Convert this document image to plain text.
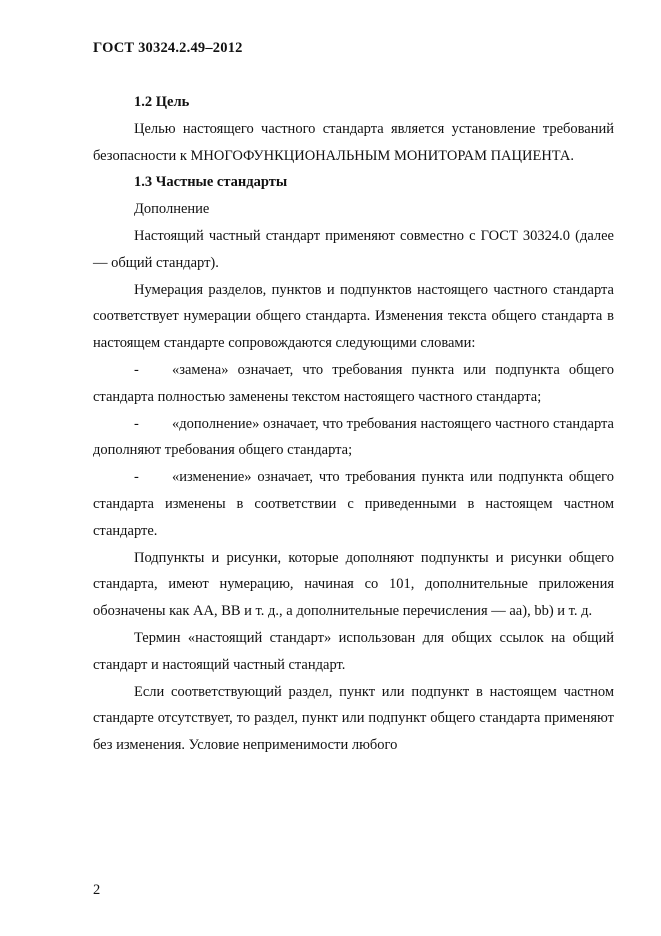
ГОСТ 30324.2.49–2012

1.2 Цель

Целью настоящего частного стандарта является установление требований безопасности к МНОГОФУНКЦИОНАЛЬНЫМ МОНИТОРАМ ПАЦИЕНТА.

1.3 Частные стандарты

Дополнение

Настоящий частный стандарт применяют совместно с ГОСТ 30324.0 (далее — общий стандарт).

Нумерация разделов, пунктов и подпунктов настоящего частного стандарта соответствует нумерации общего стандарта. Изменения текста общего стандарта в настоящем стандарте сопровождаются следующими словами:

- «замена» означает, что требования пункта или подпункта общего стандарта полностью заменены текстом настоящего частного стандарта;

- «дополнение» означает, что требования настоящего частного стандарта дополняют требования общего стандарта;

- «изменение» означает, что требования пункта или подпункта общего стандарта изменены в соответствии с приведенными в настоящем частном стандарте.

Подпункты и рисунки, которые дополняют подпункты и рисунки общего стандарта, имеют нумерацию, начиная со 101, дополнительные приложения обозначены как АА, ВВ и т. д., а дополнительные перечисления — аа), bb) и т. д.

Термин «настоящий стандарт» использован для общих ссылок на общий стандарт и настоящий частный стандарт.

Если соответствующий раздел, пункт или подпункт в настоящем частном стандарте отсутствует, то раздел, пункт или подпункт общего стандарта применяют без изменения. Условие неприменимости любого

2
